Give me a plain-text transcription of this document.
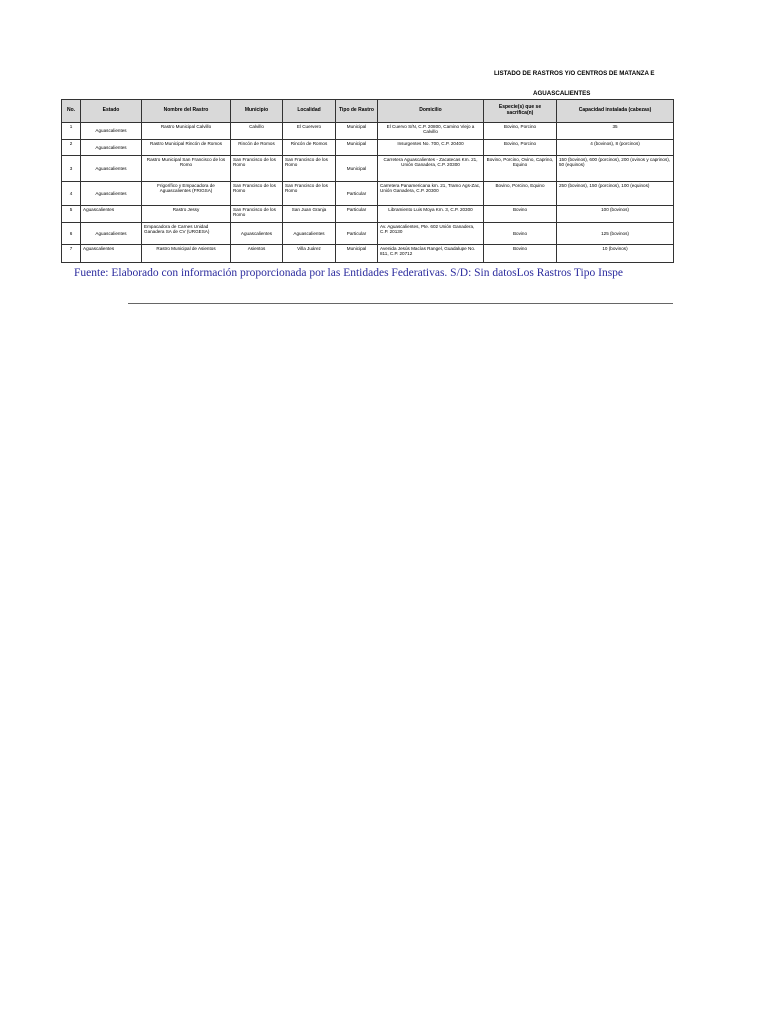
LISTADO DE RASTROS Y/O CENTROS DE MATANZA E
AGUASCALIENTES
No.	Estado	Nombre del Rastro	Municipio	Localidad	Tipo de Rastro	Domicilio	Especie(s) que se sacrifica(n)	Capacidad instalada (cabezas)
1	Aguascalientes	Rastro Municipal Calvillo	Calvillo	El Cuervero	Municipal	El Cuervo S/N, C.P. 20800, Camino Viejo a Calvillo	Bovino, Porcino	35
2	Aguascalientes	Rastro Municipal Rincón de Romos	Rincón de Romos	Rincón de Romos	Municipal	Insurgentes No. 700, C.P. 20400	Bovino, Porcino	4 (bovinos), 8 (porcinos)
3	Aguascalientes	Rastro Municipal San Francisco de los Romo	San Francisco de los Romo	San Francisco de los Romo	Municipal	Carretera Aguascalientes - Zacatecas Km. 21, Unión Ganadera, C.P. 20300	Bovino, Porcino, Ovino, Caprino, Equino	150 (bovinos), 600 (porcinos), 200 (ovinos y caprinos), 50 (equinos)
4	Aguascalientes	Frigorífico y Empacadora de Aguascalientes (FRIGSA)	San Francisco de los Romo	San Francisco de los Romo	Particular	Carretera Panamericana km. 21, Tramo Ags-Zac, Unión Ganadera, C.P. 20300	Bovino, Porcino, Equino	250 (bovinos), 150 (porcinos), 100 (equinos)
5	Aguascalientes	Rastro Jessy	San Francisco de los Romo	San Juan Granja	Particular	Libramiento Luis Moya Km. 3, C.P. 20300	Bovino	100 (bovinos)
6	Aguascalientes	Empacadora de Carnes Unidad Ganadera SA de CV (URGESA)	Aguascalientes	Aguascalientes	Particular	Av. Aguascalientes, Pte. 602 Unión Ganadera, C.P. 20130	Bovino	125 (bovinos)
7	Aguascalientes	Rastro Municipal de Asientos	Asientos	Villa Juárez	Municipal	Avenida Jesús Macías Rangel, Guadalupe No. 811, C.P. 20712	Bovino	10 (bovinos)
Fuente: Elaborado con información proporcionada por las Entidades Federativas. S/D: Sin datosLos Rastros Tipo Inspe
